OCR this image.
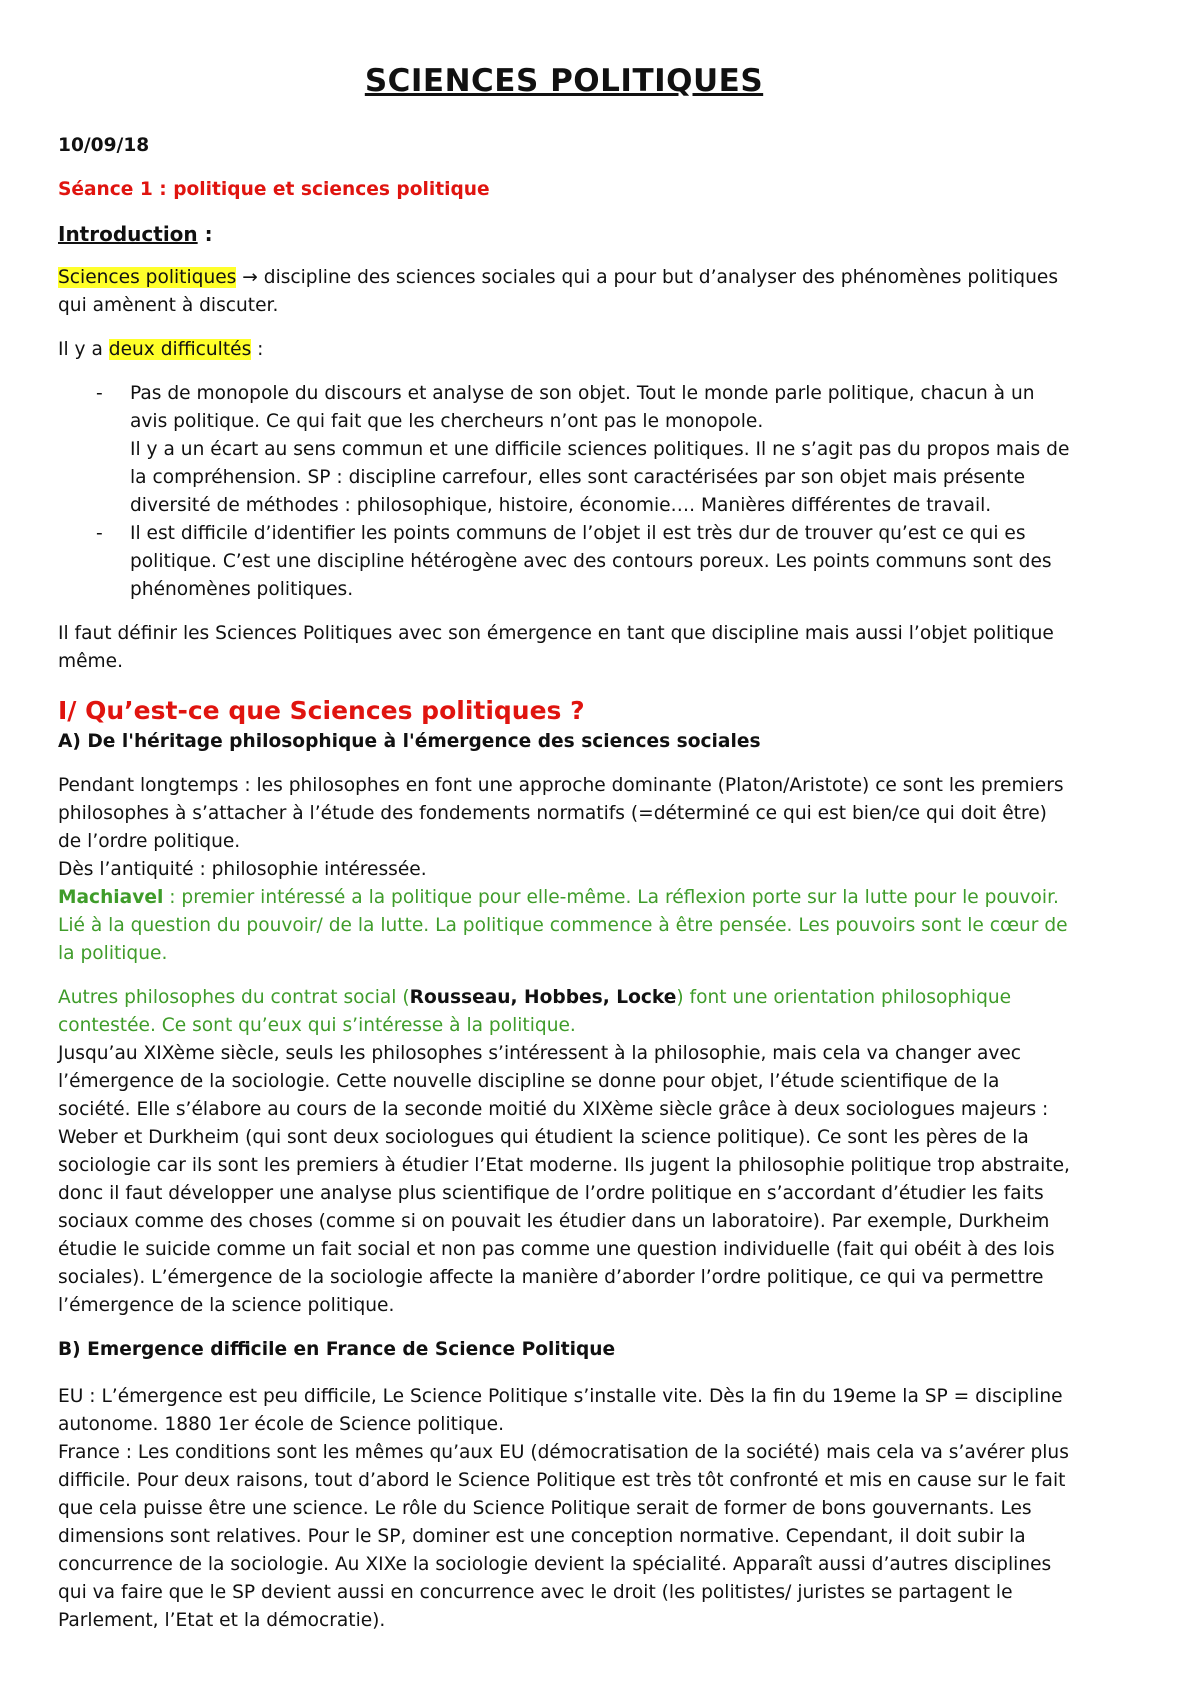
SCIENCES POLITIQUES

10/09/18

Séance 1 : politique et sciences politique

Introduction :

Sciences politiques → discipline des sciences sociales qui a pour but d’analyser des phénomènes politiques qui amènent à discuter.

Il y a deux difficultés :

- Pas de monopole du discours et analyse de son objet. Tout le monde parle politique, chacun à un avis politique. Ce qui fait que les chercheurs n’ont pas le monopole.
Il y a un écart au sens commun et une difficile sciences politiques. Il ne s’agit pas du propos mais de la compréhension. SP : discipline carrefour, elles sont caractérisées par son objet mais présente diversité de méthodes : philosophique, histoire, économie…. Manières différentes de travail.
- Il est difficile d’identifier les points communs de l’objet il est très dur de trouver qu’est ce qui es politique. C’est une discipline hétérogène avec des contours poreux. Les points communs sont des phénomènes politiques.

Il faut définir les Sciences Politiques avec son émergence en tant que discipline mais aussi l’objet politique même.

I/ Qu’est-ce que Sciences politiques ?
A) De l'héritage philosophique à l'émergence des sciences sociales

Pendant longtemps : les philosophes en font une approche dominante (Platon/Aristote) ce sont les premiers philosophes à s’attacher à l’étude des fondements normatifs (=déterminé ce qui est bien/ce qui doit être) de l’ordre politique.

Dès l’antiquité : philosophie intéressée.

Machiavel : premier intéressé a la politique pour elle-même. La réflexion porte sur la lutte pour le pouvoir. Lié à la question du pouvoir/ de la lutte. La politique commence à être pensée. Les pouvoirs sont le cœur de la politique.

Autres philosophes du contrat social (Rousseau, Hobbes, Locke) font une orientation philosophique contestée. Ce sont qu’eux qui s’intéresse à la politique.

Jusqu’au XIXème siècle, seuls les philosophes s’intéressent à la philosophie, mais cela va changer avec l’émergence de la sociologie. Cette nouvelle discipline se donne pour objet, l’étude scientifique de la société. Elle s’élabore au cours de la seconde moitié du XIXème siècle grâce à deux sociologues majeurs : Weber et Durkheim (qui sont deux sociologues qui étudient la science politique). Ce sont les pères de la sociologie car ils sont les premiers à étudier l’Etat moderne. Ils jugent la philosophie politique trop abstraite, donc il faut développer une analyse plus scientifique de l’ordre politique en s’accordant d’étudier les faits sociaux comme des choses (comme si on pouvait les étudier dans un laboratoire). Par exemple, Durkheim étudie le suicide comme un fait social et non pas comme une question individuelle (fait qui obéit à des lois sociales). L’émergence de la sociologie affecte la manière d’aborder l’ordre politique, ce qui va permettre l’émergence de la science politique.

B) Emergence difficile en France de Science Politique

EU : L’émergence est peu difficile, Le Science Politique s’installe vite. Dès la fin du 19eme la SP = discipline autonome. 1880 1er école de Science politique.

France : Les conditions sont les mêmes qu’aux EU (démocratisation de la société) mais cela va s’avérer plus difficile. Pour deux raisons, tout d’abord le Science Politique est très tôt confronté et mis en cause sur le fait que cela puisse être une science. Le rôle du Science Politique serait de former de bons gouvernants. Les dimensions sont relatives. Pour le SP, dominer est une conception normative. Cependant, il doit subir la concurrence de la sociologie. Au XIXe la sociologie devient la spécialité. Apparaît aussi d’autres disciplines qui va faire que le SP devient aussi en concurrence avec le droit (les politistes/ juristes se partagent le Parlement, l’Etat et la démocratie).
